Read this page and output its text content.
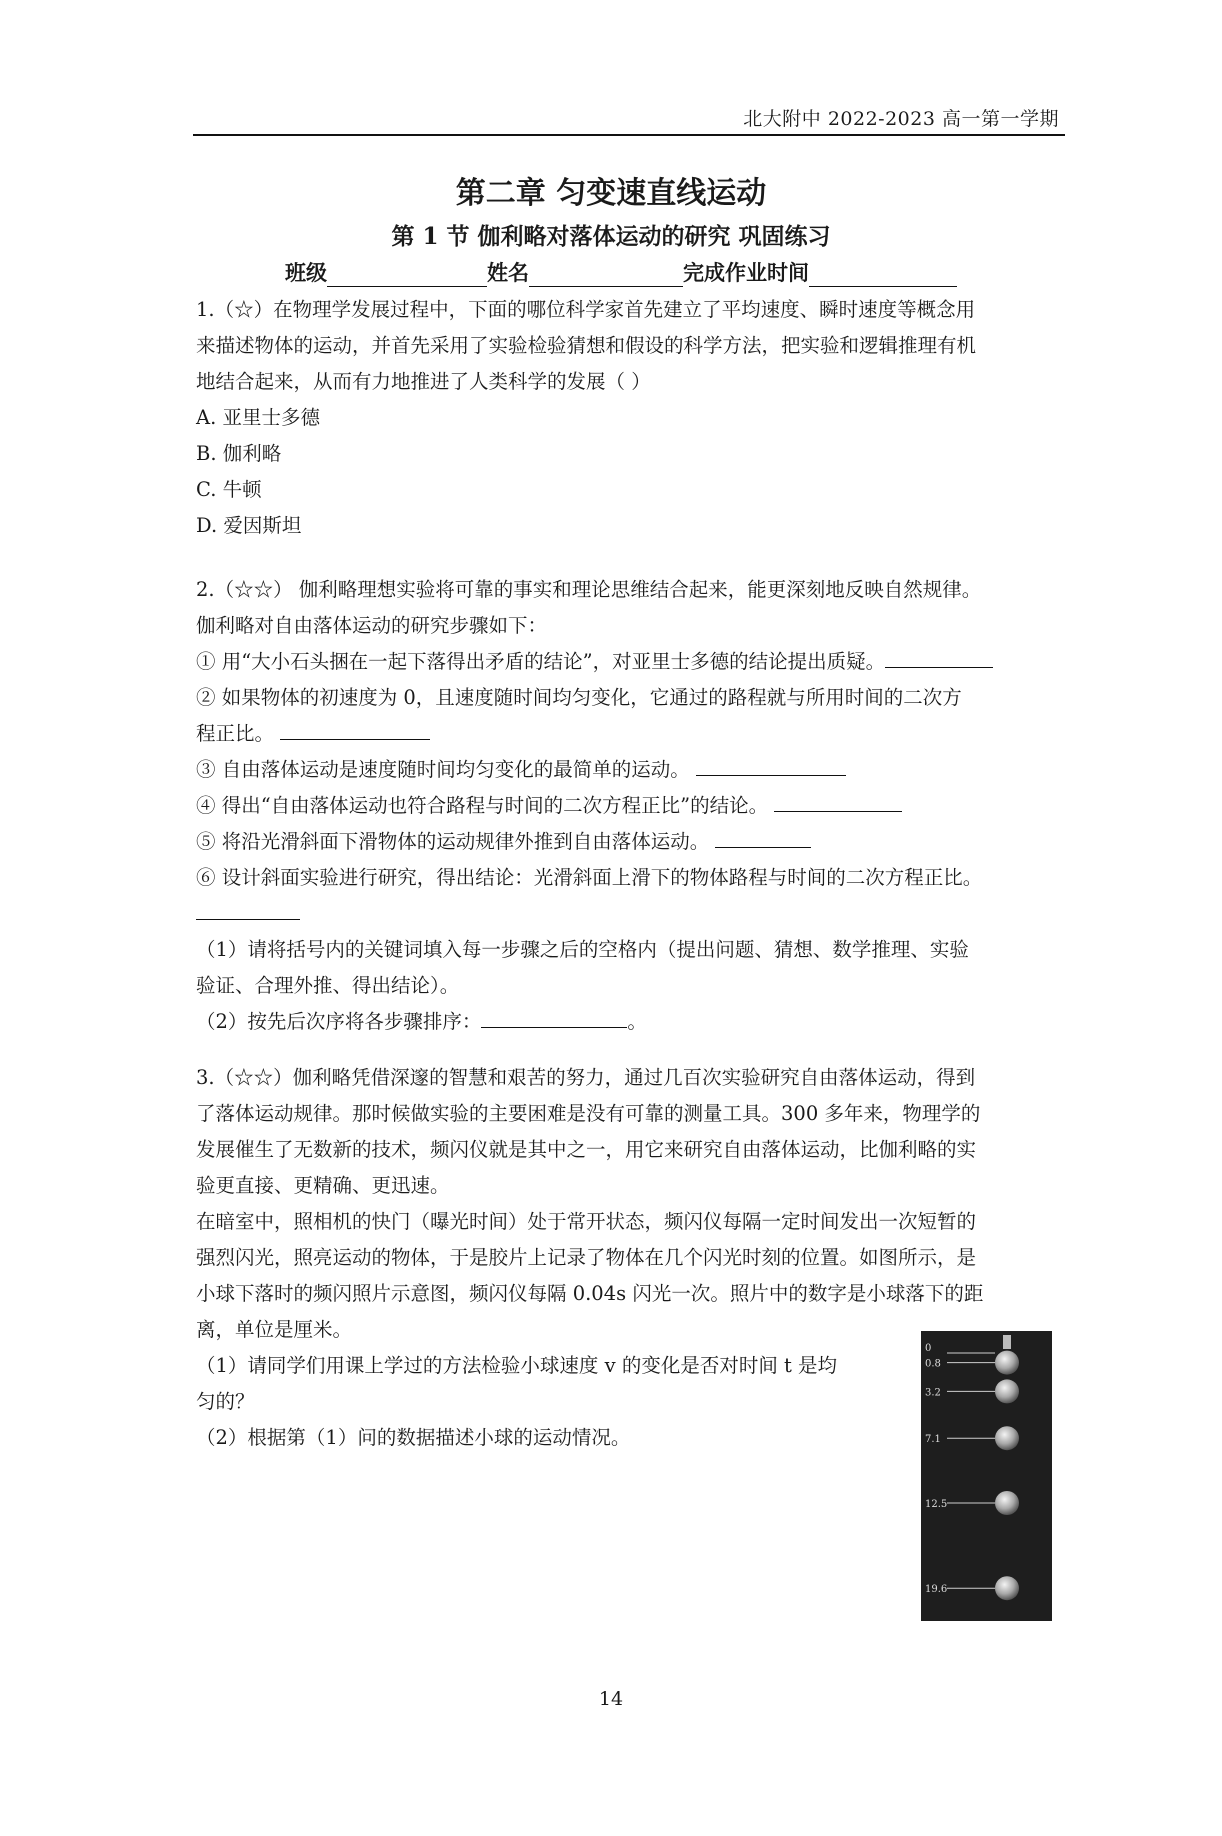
北大附中 2022-2023 高一第一学期
第二章 匀变速直线运动
第 1 节 伽利略对落体运动的研究 巩固练习
班级	姓名	完成作业时间
1.（☆）在物理学发展过程中，下面的哪位科学家首先建立了平均速度、瞬时速度等概念用
来描述物体的运动，并首先采用了实验检验猜想和假设的科学方法，把实验和逻辑推理有机
地结合起来，从而有力地推进了人类科学的发展（ ）
A. 亚里士多德
B. 伽利略
C. 牛顿
D. 爱因斯坦
2.（☆☆） 伽利略理想实验将可靠的事实和理论思维结合起来，能更深刻地反映自然规律。
伽利略对自由落体运动的研究步骤如下：
① 用“大小石头捆在一起下落得出矛盾的结论”，对亚里士多德的结论提出质疑。
② 如果物体的初速度为 0，且速度随时间均匀变化，它通过的路程就与所用时间的二次方
程正比。
③ 自由落体运动是速度随时间均匀变化的最简单的运动。
④ 得出“自由落体运动也符合路程与时间的二次方程正比”的结论。
⑤ 将沿光滑斜面下滑物体的运动规律外推到自由落体运动。
⑥ 设计斜面实验进行研究，得出结论：光滑斜面上滑下的物体路程与时间的二次方程正比。
（1）请将括号内的关键词填入每一步骤之后的空格内（提出问题、猜想、数学推理、实验
验证、合理外推、得出结论）。
（2）按先后次序将各步骤排序：	。
3.（☆☆）伽利略凭借深邃的智慧和艰苦的努力，通过几百次实验研究自由落体运动，得到
了落体运动规律。那时候做实验的主要困难是没有可靠的测量工具。300 多年来，物理学的
发展催生了无数新的技术，频闪仪就是其中之一，用它来研究自由落体运动，比伽利略的实
验更直接、更精确、更迅速。
在暗室中，照相机的快门（曝光时间）处于常开状态，频闪仪每隔一定时间发出一次短暂的
强烈闪光，照亮运动的物体，于是胶片上记录了物体在几个闪光时刻的位置。如图所示，是
小球下落时的频闪照片示意图，频闪仪每隔 0.04s 闪光一次。照片中的数字是小球落下的距
离，单位是厘米。
（1）请同学们用课上学过的方法检验小球速度 v 的变化是否对时间 t 是均
匀的？
（2）根据第（1）问的数据描述小球的运动情况。
0
0.8
3.2
7.1
12.5
19.6
14
